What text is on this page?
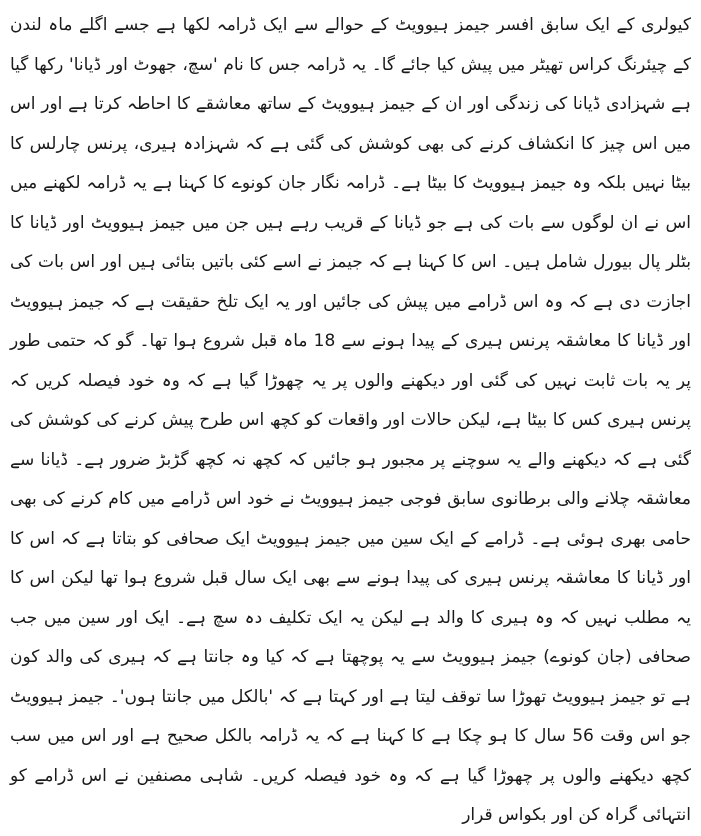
کیولری کے ایک سابق افسر جیمز ہیوویٹ کے حوالے سے ایک ڈرامہ لکھا ہے جسے اگلے ماہ لندن کے چیئرنگ کراس تھیٹر میں پیش کیا جائے گا۔ یہ ڈرامہ جس کا نام 'سچ، جھوٹ اور ڈیانا' رکھا گیا ہے شہزادی ڈیانا کی زندگی اور ان کے جیمز ہیوویٹ کے ساتھ معاشقے کا احاطہ کرتا ہے اور اس میں اس چیز کا انکشاف کرنے کی بھی کوشش کی گئی ہے کہ شہزادہ ہیری، پرنس چارلس کا بیٹا نہیں بلکہ وہ جیمز ہیوویٹ کا بیٹا ہے۔ ڈرامہ نگار جان کونوے کا کہنا ہے یہ ڈرامہ لکھنے میں اس نے ان لوگوں سے بات کی ہے جو ڈیانا کے قریب رہے ہیں جن میں جیمز ہیوویٹ اور ڈیانا کا بٹلر پال بیورل شامل ہیں۔ اس کا کہنا ہے کہ جیمز نے اسے کئی باتیں بتائی ہیں اور اس بات کی اجازت دی ہے کہ وہ اس ڈرامے میں پیش کی جائیں اور یہ ایک تلخ حقیقت ہے کہ جیمز ہیوویٹ اور ڈیانا کا معاشقہ پرنس ہیری کے پیدا ہونے سے 18 ماہ قبل شروع ہوا تھا۔ گو کہ حتمی طور پر یہ بات ثابت نہیں کی گئی اور دیکھنے والوں پر یہ چھوڑا گیا ہے کہ وہ خود فیصلہ کریں کہ پرنس ہیری کس کا بیٹا ہے، لیکن حالات اور واقعات کو کچھ اس طرح پیش کرنے کی کوشش کی گئی ہے کہ دیکھنے والے یہ سوچنے پر مجبور ہو جائیں کہ کچھ نہ کچھ گڑبڑ ضرور ہے۔ ڈیانا سے معاشقہ چلانے والی برطانوی سابق فوجی جیمز ہیوویٹ نے خود اس ڈرامے میں کام کرنے کی بھی حامی بھری ہوئی ہے۔ ڈرامے کے ایک سین میں جیمز ہیوویٹ ایک صحافی کو بتاتا ہے کہ اس کا اور ڈیانا کا معاشقہ پرنس ہیری کی پیدا ہونے سے بھی ایک سال قبل شروع ہوا تھا لیکن اس کا یہ مطلب نہیں کہ وہ ہیری کا والد ہے لیکن یہ ایک تکلیف دہ سچ ہے۔ ایک اور سین میں جب صحافی (جان کونوے) جیمز ہیوویٹ سے یہ پوچھتا ہے کہ کیا وہ جانتا ہے کہ ہیری کی والد کون ہے تو جیمز ہیوویٹ تھوڑا سا توقف لیتا ہے اور کہتا ہے کہ 'بالکل میں جانتا ہوں'۔ جیمز ہیوویٹ جو اس وقت 56 سال کا ہو چکا ہے کا کہنا ہے کہ یہ ڈرامہ بالکل صحیح ہے اور اس میں سب کچھ دیکھنے والوں پر چھوڑا گیا ہے کہ وہ خود فیصلہ کریں۔ شاہی مصنفین نے اس ڈرامے کو انتہائی گراہ کن اور بکواس قرار
